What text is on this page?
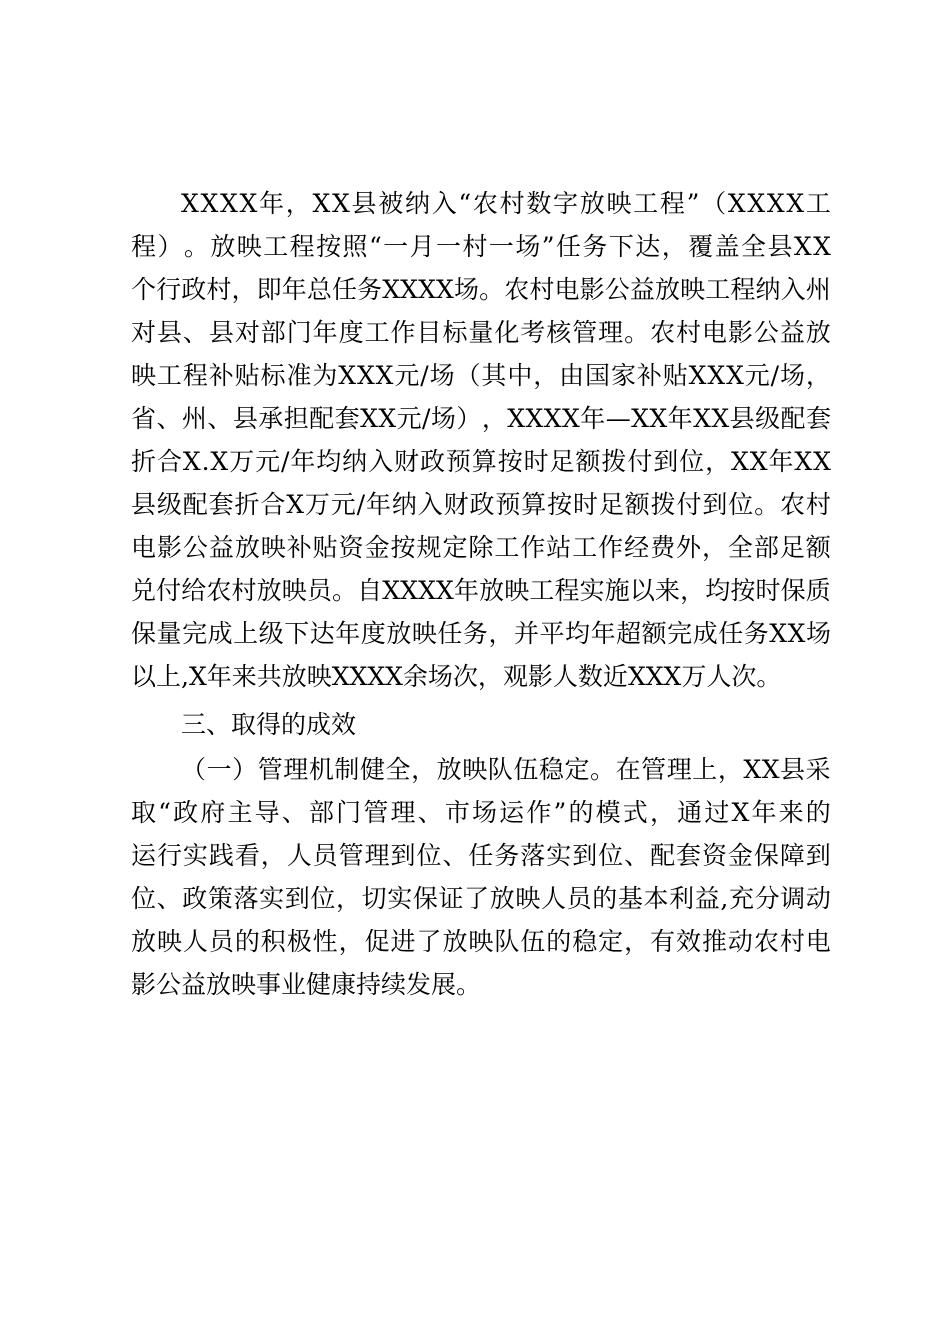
X X X X 年 ， X X 县 被 纳 入 “ 农 村 数 字 放 映 工 程 ” （ X X X X 工
程 ） 。 放 映 工 程 按 照 “ 一 月 一 村 一 场 ” 任 务 下 达 ， 覆 盖 全 县 X X
个 行 政 村 ， 即 年 总 任 务 X X X X 场 。 农 村 电 影 公 益 放 映 工 程 纳 入 州
对 县 、 县 对 部 门 年 度 工 作 目 标 量 化 考 核 管 理 。 农 村 电 影 公 益 放
映 工 程 补 贴 标 准 为 X X X 元 / 场 （ 其 中 ， 由 国 家 补 贴 X X X 元 / 场 ，
省 、 州 、 县 承 担 配 套 X X 元 / 场 ） ， X X X X 年 — X X 年 X X 县 级 配 套
折 合 X . X 万 元 / 年 均 纳 入 财 政 预 算 按 时 足 额 拨 付 到 位 ， X X 年 X X
县 级 配 套 折 合 X 万 元 / 年 纳 入 财 政 预 算 按 时 足 额 拨 付 到 位 。 农 村
电 影 公 益 放 映 补 贴 资 金 按 规 定 除 工 作 站 工 作 经 费 外 ， 全 部 足 额
兑 付 给 农 村 放 映 员 。 自 X X X X 年 放 映 工 程 实 施 以 来 ， 均 按 时 保 质
保 量 完 成 上 级 下 达 年 度 放 映 任 务 ， 并 平 均 年 超 额 完 成 任 务 X X 场
以上,X年来共放映XXXX余场次，观影人数近XXX万人次。
三、取得的成效
（ 一 ） 管 理 机 制 健 全 ， 放 映 队 伍 稳 定 。 在 管 理 上 ， X X 县 采
取 “ 政 府 主 导 、 部 门 管 理 、 市 场 运 作 ” 的 模 式 ， 通 过 X 年 来 的
运 行 实 践 看 ， 人 员 管 理 到 位 、 任 务 落 实 到 位 、 配 套 资 金 保 障 到
位 、 政 策 落 实 到 位 ， 切 实 保 证 了 放 映 人 员 的 基 本 利 益 , 充 分 调 动
放 映 人 员 的 积 极 性 ， 促 进 了 放 映 队 伍 的 稳 定 ， 有 效 推 动 农 村 电
影公益放映事业健康持续发展。
